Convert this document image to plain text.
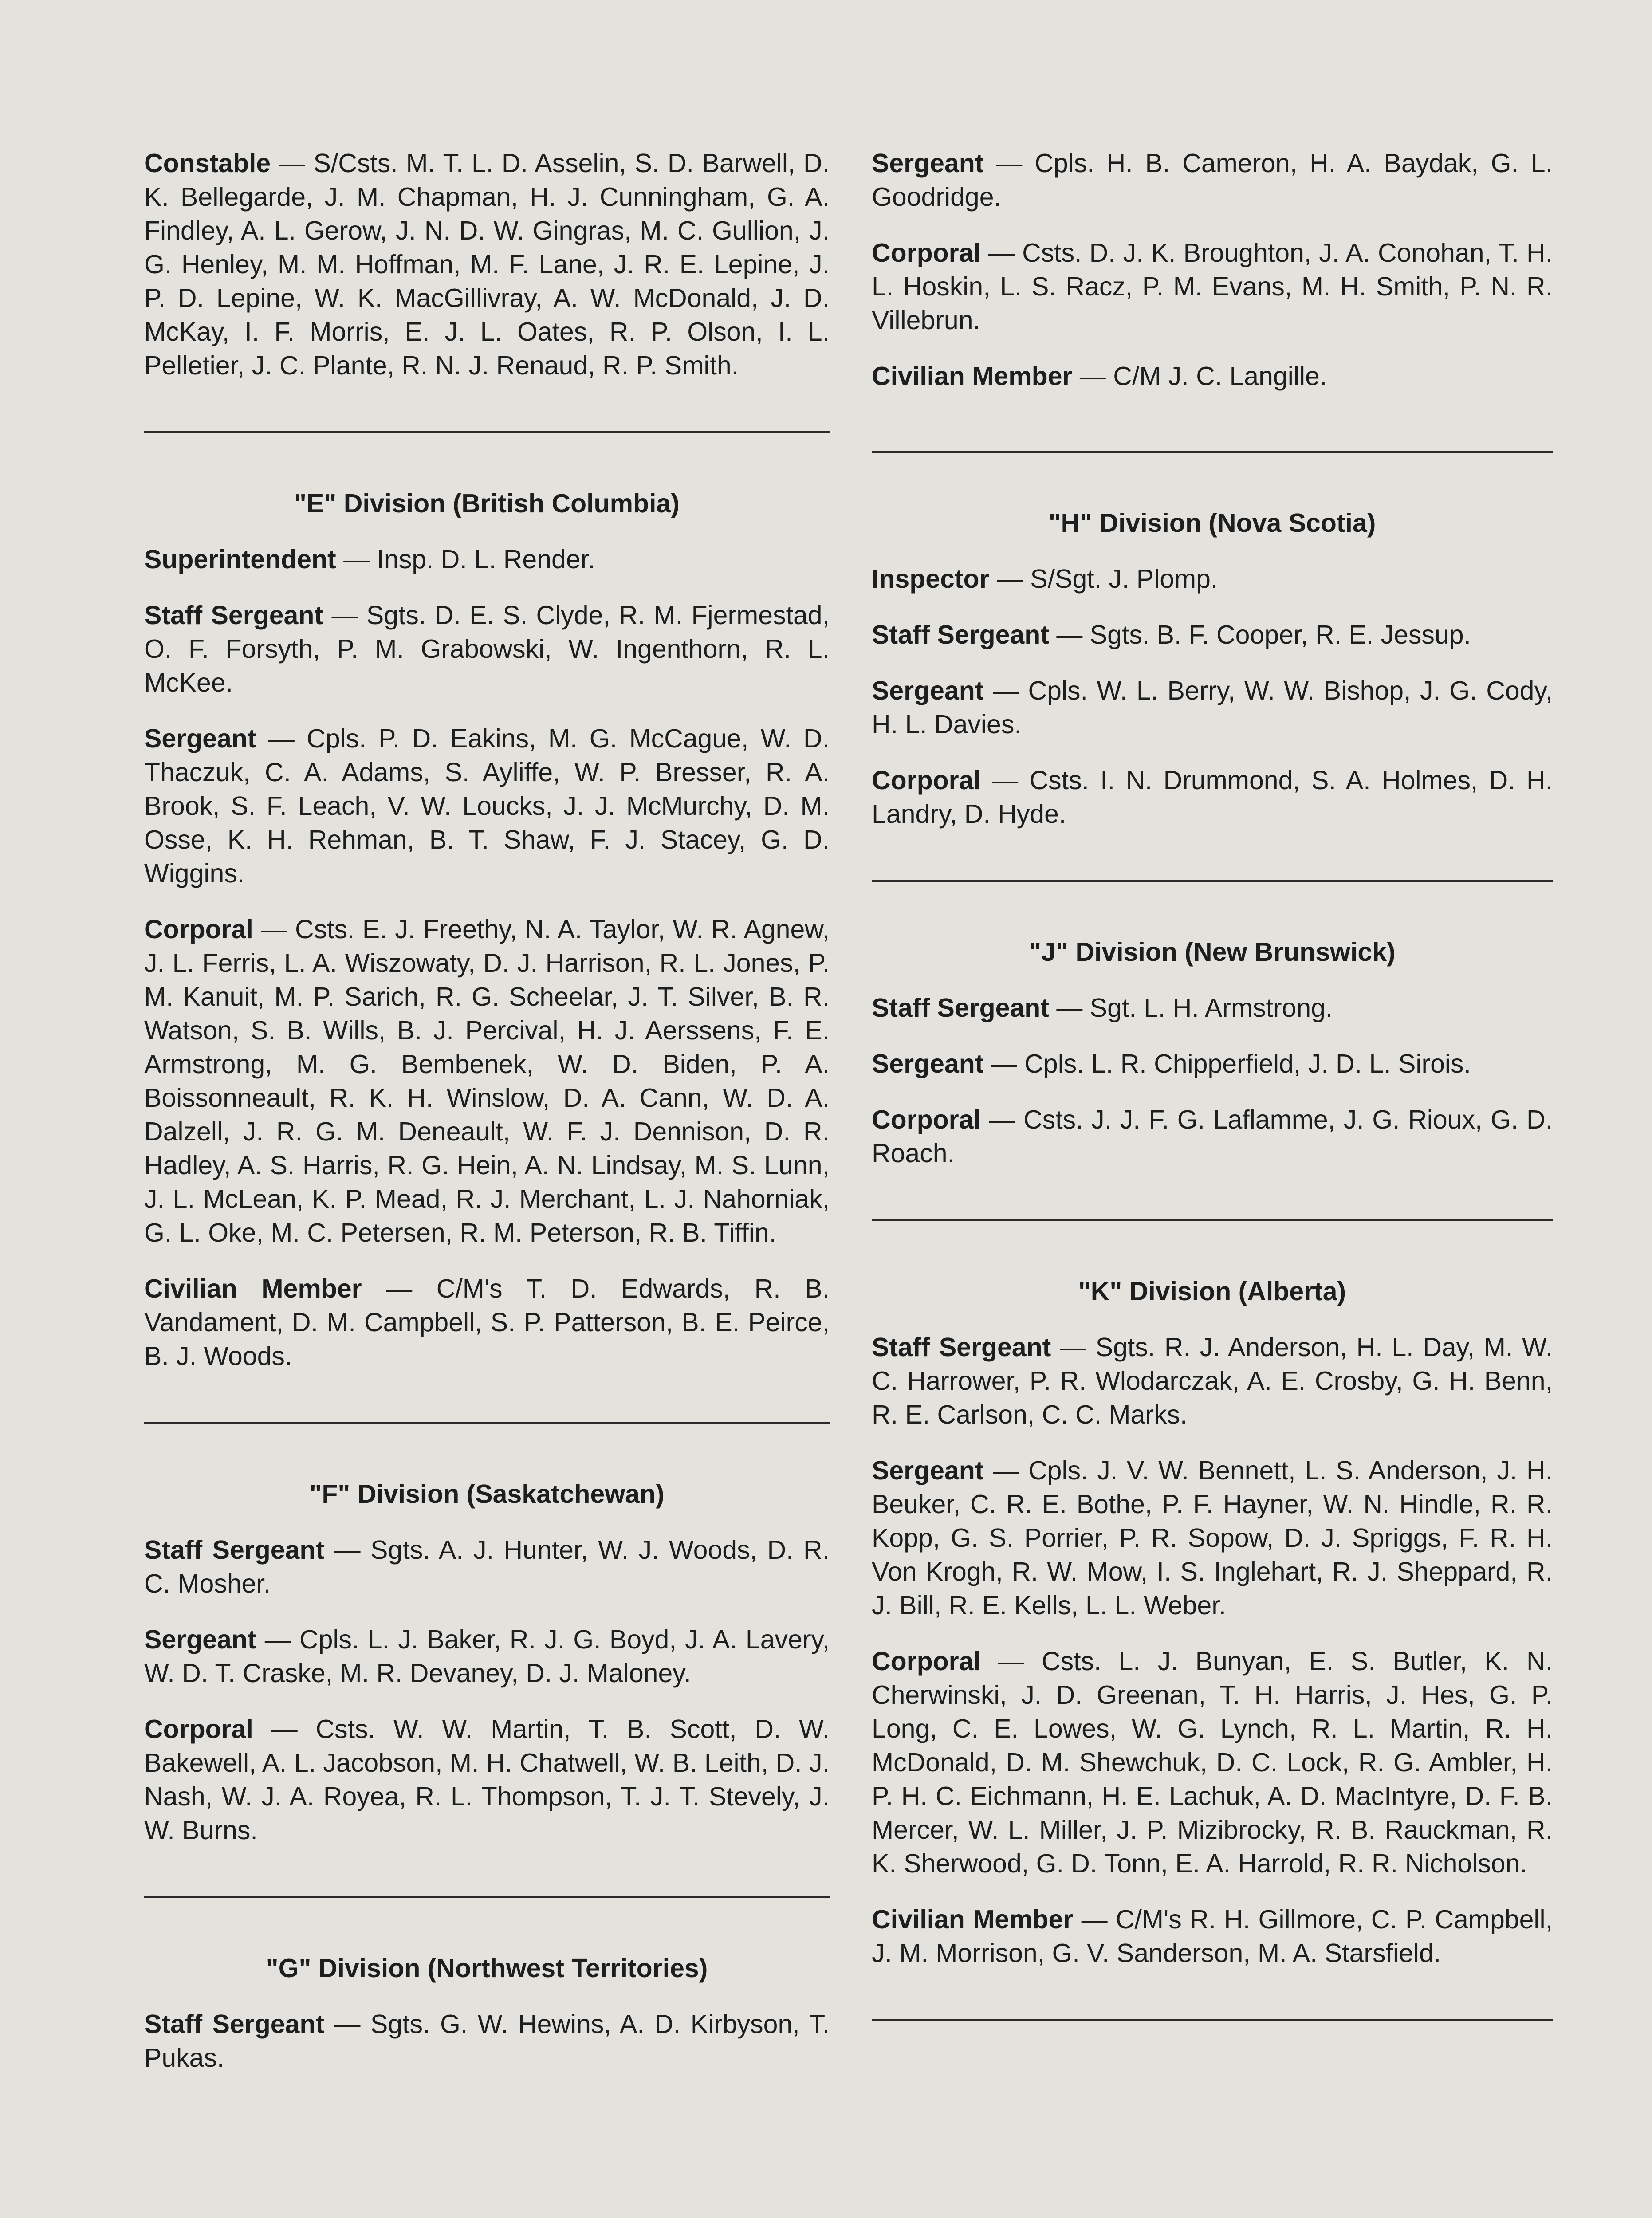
Constable — S/Csts. M. T. L. D. Asselin, S. D. Barwell, D. K. Bellegarde, J. M. Chapman, H. J. Cunningham, G. A. Findley, A. L. Gerow, J. N. D. W. Gingras, M. C. Gullion, J. G. Henley, M. M. Hoffman, M. F. Lane, J. R. E. Lepine, J. P. D. Lepine, W. K. MacGillivray, A. W. McDonald, J. D. McKay, I. F. Morris, E. J. L. Oates, R. P. Olson, I. L. Pelletier, J. C. Plante, R. N. J. Renaud, R. P. Smith.

"E" Division (British Columbia)

Superintendent — Insp. D. L. Render.

Staff Sergeant — Sgts. D. E. S. Clyde, R. M. Fjermestad, O. F. Forsyth, P. M. Grabowski, W. Ingenthorn, R. L. McKee.

Sergeant — Cpls. P. D. Eakins, M. G. McCague, W. D. Thaczuk, C. A. Adams, S. Ayliffe, W. P. Bresser, R. A. Brook, S. F. Leach, V. W. Loucks, J. J. McMurchy, D. M. Osse, K. H. Rehman, B. T. Shaw, F. J. Stacey, G. D. Wiggins.

Corporal — Csts. E. J. Freethy, N. A. Taylor, W. R. Agnew, J. L. Ferris, L. A. Wiszowaty, D. J. Harrison, R. L. Jones, P. M. Kanuit, M. P. Sarich, R. G. Scheelar, J. T. Silver, B. R. Watson, S. B. Wills, B. J. Percival, H. J. Aerssens, F. E. Armstrong, M. G. Bembenek, W. D. Biden, P. A. Boissonneault, R. K. H. Winslow, D. A. Cann, W. D. A. Dalzell, J. R. G. M. Deneault, W. F. J. Dennison, D. R. Hadley, A. S. Harris, R. G. Hein, A. N. Lindsay, M. S. Lunn, J. L. McLean, K. P. Mead, R. J. Merchant, L. J. Nahorniak, G. L. Oke, M. C. Petersen, R. M. Peterson, R. B. Tiffin.

Civilian Member — C/M's T. D. Edwards, R. B. Vandament, D. M. Campbell, S. P. Patterson, B. E. Peirce, B. J. Woods.

"F" Division (Saskatchewan)

Staff Sergeant — Sgts. A. J. Hunter, W. J. Woods, D. R. C. Mosher.

Sergeant — Cpls. L. J. Baker, R. J. G. Boyd, J. A. Lavery, W. D. T. Craske, M. R. Devaney, D. J. Maloney.

Corporal — Csts. W. W. Martin, T. B. Scott, D. W. Bakewell, A. L. Jacobson, M. H. Chatwell, W. B. Leith, D. J. Nash, W. J. A. Royea, R. L. Thompson, T. J. T. Stevely, J. W. Burns.

"G" Division (Northwest Territories)

Staff Sergeant — Sgts. G. W. Hewins, A. D. Kirbyson, T. Pukas.

Sergeant — Cpls. H. B. Cameron, H. A. Baydak, G. L. Goodridge.

Corporal — Csts. D. J. K. Broughton, J. A. Conohan, T. H. L. Hoskin, L. S. Racz, P. M. Evans, M. H. Smith, P. N. R. Villebrun.

Civilian Member — C/M J. C. Langille.

"H" Division (Nova Scotia)

Inspector — S/Sgt. J. Plomp.

Staff Sergeant — Sgts. B. F. Cooper, R. E. Jessup.

Sergeant — Cpls. W. L. Berry, W. W. Bishop, J. G. Cody, H. L. Davies.

Corporal — Csts. I. N. Drummond, S. A. Holmes, D. H. Landry, D. Hyde.

"J" Division (New Brunswick)

Staff Sergeant — Sgt. L. H. Armstrong.

Sergeant — Cpls. L. R. Chipperfield, J. D. L. Sirois.

Corporal — Csts. J. J. F. G. Laflamme, J. G. Rioux, G. D. Roach.

"K" Division (Alberta)

Staff Sergeant — Sgts. R. J. Anderson, H. L. Day, M. W. C. Harrower, P. R. Wlodarczak, A. E. Crosby, G. H. Benn, R. E. Carlson, C. C. Marks.

Sergeant — Cpls. J. V. W. Bennett, L. S. Anderson, J. H. Beuker, C. R. E. Bothe, P. F. Hayner, W. N. Hindle, R. R. Kopp, G. S. Porrier, P. R. Sopow, D. J. Spriggs, F. R. H. Von Krogh, R. W. Mow, I. S. Inglehart, R. J. Sheppard, R. J. Bill, R. E. Kells, L. L. Weber.

Corporal — Csts. L. J. Bunyan, E. S. Butler, K. N. Cherwinski, J. D. Greenan, T. H. Harris, J. Hes, G. P. Long, C. E. Lowes, W. G. Lynch, R. L. Martin, R. H. McDonald, D. M. Shewchuk, D. C. Lock, R. G. Ambler, H. P. H. C. Eichmann, H. E. Lachuk, A. D. MacIntyre, D. F. B. Mercer, W. L. Miller, J. P. Mizibrocky, R. B. Rauckman, R. K. Sherwood, G. D. Tonn, E. A. Harrold, R. R. Nicholson.

Civilian Member — C/M's R. H. Gillmore, C. P. Campbell, J. M. Morrison, G. V. Sanderson, M. A. Starsfield.
